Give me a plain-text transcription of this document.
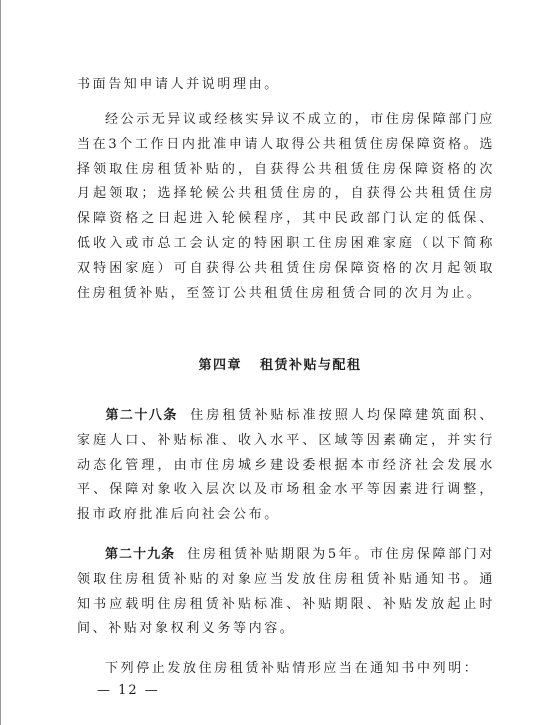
书面告知申请人并说明理由。

经公示无异议或经核实异议不成立的，市住房保障部门应当在3个工作日内批准申请人取得公共租赁住房保障资格。选择领取住房租赁补贴的，自获得公共租赁住房保障资格的次月起领取；选择轮候公共租赁住房的，自获得公共租赁住房保障资格之日起进入轮候程序，其中民政部门认定的低保、低收入或市总工会认定的特困职工住房困难家庭（以下简称双特困家庭）可自获得公共租赁住房保障资格的次月起领取住房租赁补贴，至签订公共租赁住房租赁合同的次月为止。

第四章 租赁补贴与配租

第二十八条 住房租赁补贴标准按照人均保障建筑面积、家庭人口、补贴标准、收入水平、区域等因素确定，并实行动态化管理，由市住房城乡建设委根据本市经济社会发展水平、保障对象收入层次以及市场租金水平等因素进行调整，报市政府批准后向社会公布。

第二十九条 住房租赁补贴期限为5年。市住房保障部门对领取住房租赁补贴的对象应当发放住房租赁补贴通知书。通知书应载明住房租赁补贴标准、补贴期限、补贴发放起止时间、补贴对象权利义务等内容。

下列停止发放住房租赁补贴情形应当在通知书中列明：

— 12 —
